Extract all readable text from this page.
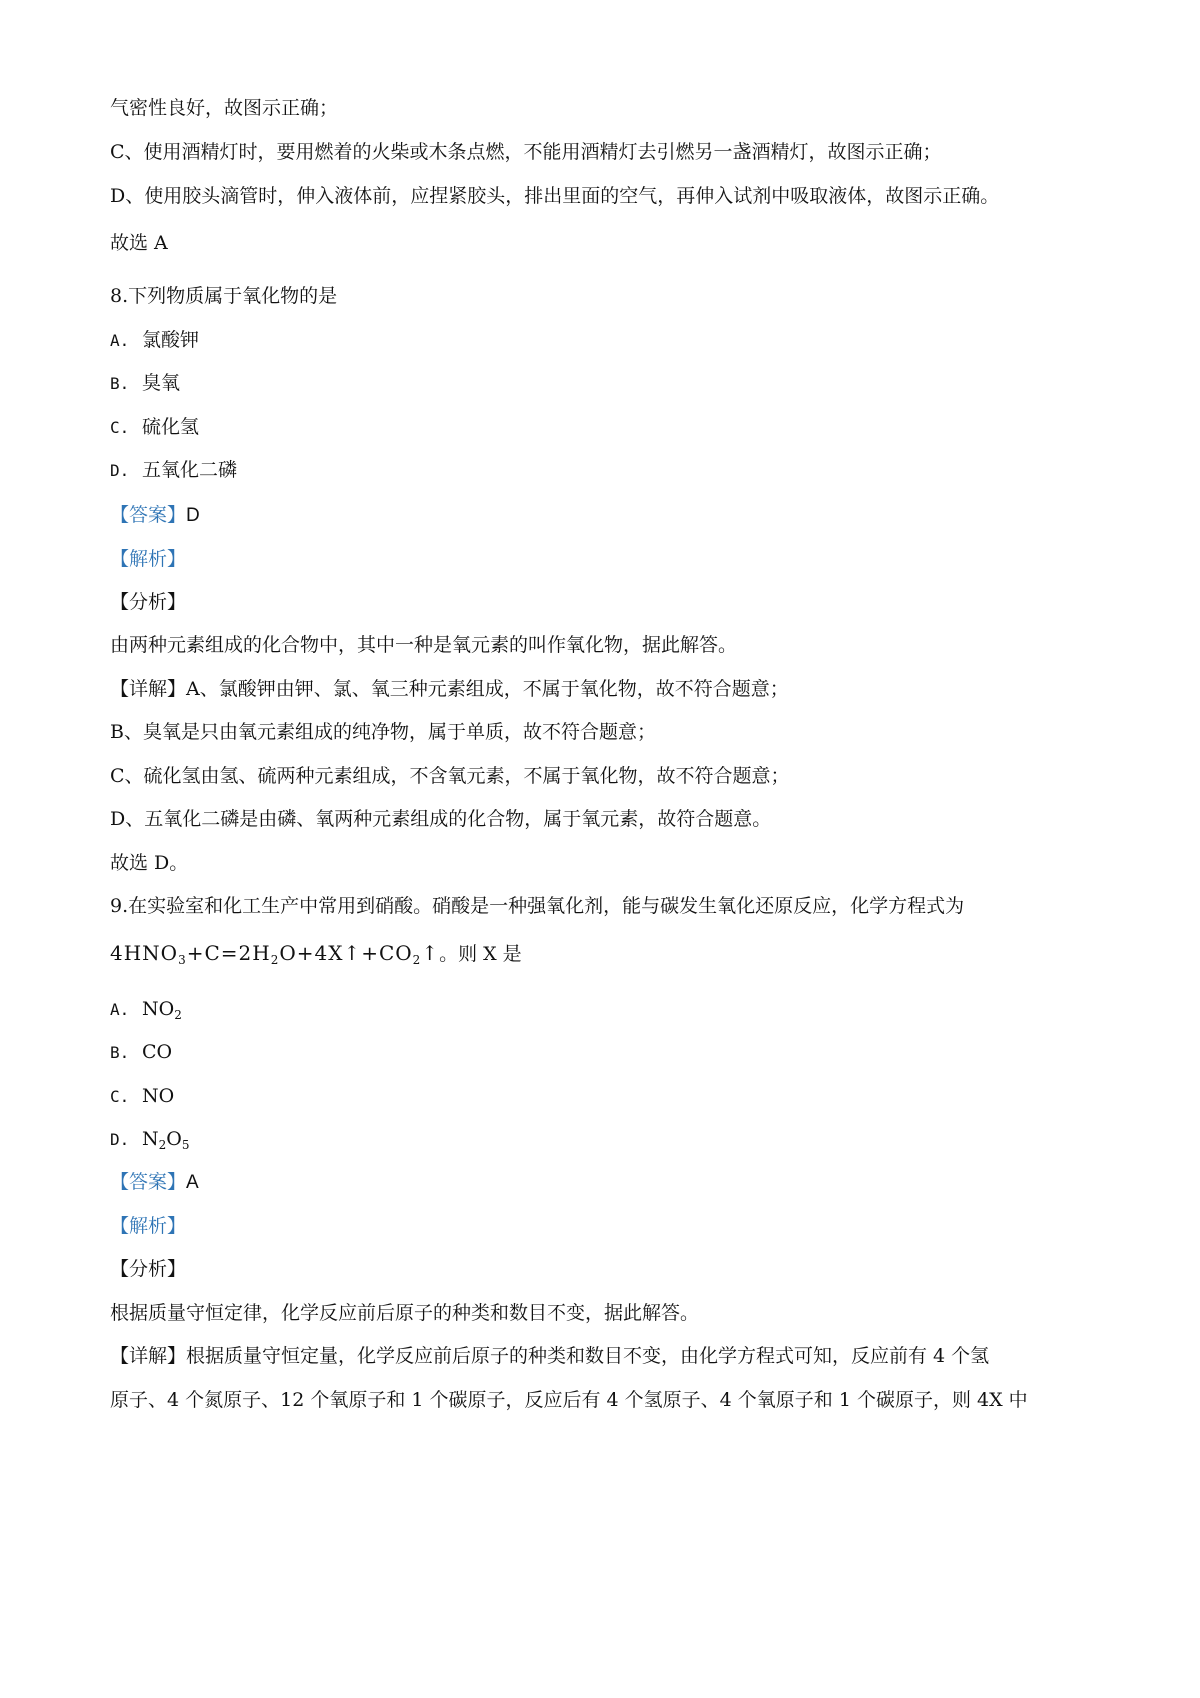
气密性良好，故图示正确；
C、使用酒精灯时，要用燃着的火柴或木条点燃，不能用酒精灯去引燃另一盏酒精灯，故图示正确；
D、使用胶头滴管时，伸入液体前，应捏紧胶头，排出里面的空气，再伸入试剂中吸取液体，故图示正确。
故选 A
8.下列物质属于氧化物的是
A. 氯酸钾
B. 臭氧
C. 硫化氢
D. 五氧化二磷
【答案】D
【解析】
【分析】
由两种元素组成的化合物中，其中一种是氧元素的叫作氧化物，据此解答。
【详解】A、氯酸钾由钾、氯、氧三种元素组成，不属于氧化物，故不符合题意；
B、臭氧是只由氧元素组成的纯净物，属于单质，故不符合题意；
C、硫化氢由氢、硫两种元素组成，不含氧元素，不属于氧化物，故不符合题意；
D、五氧化二磷是由磷、氧两种元素组成的化合物，属于氧元素，故符合题意。
故选 D。
9.在实验室和化工生产中常用到硝酸。硝酸是一种强氧化剂，能与碳发生氧化还原反应，化学方程式为
$4HNO_3+C=2H_2O+4X↑+CO_2↑$。则 X 是
A. $NO_2$
B. CO
C. NO
D. $N_2O_5$
【答案】A
【解析】
【分析】
根据质量守恒定律，化学反应前后原子的种类和数目不变，据此解答。
【详解】根据质量守恒定量，化学反应前后原子的种类和数目不变，由化学方程式可知，反应前有 4 个氢
原子、4 个氮原子、12 个氧原子和 1 个碳原子，反应后有 4 个氢原子、4 个氧原子和 1 个碳原子，则 4X 中
